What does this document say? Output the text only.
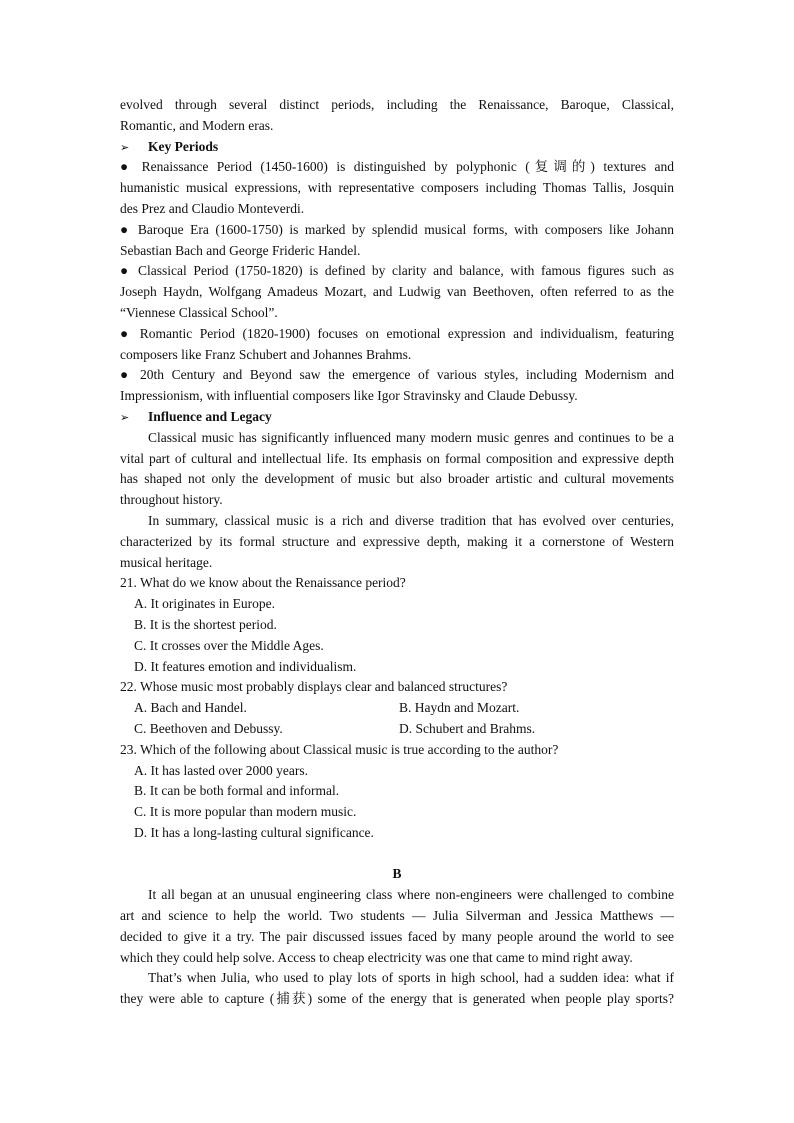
evolved through several distinct periods, including the Renaissance, Baroque, Classical,
Romantic, and Modern eras.
➢ Key Periods
● Renaissance Period (1450-1600) is distinguished by polyphonic (复调的) textures and
humanistic musical expressions, with representative composers including Thomas Tallis, Josquin
des Prez and Claudio Monteverdi.
● Baroque Era (1600-1750) is marked by splendid musical forms, with composers like Johann
Sebastian Bach and George Frideric Handel.
● Classical Period (1750-1820) is defined by clarity and balance, with famous figures such as
Joseph Haydn, Wolfgang Amadeus Mozart, and Ludwig van Beethoven, often referred to as the
“Viennese Classical School”.
● Romantic Period (1820-1900) focuses on emotional expression and individualism, featuring
composers like Franz Schubert and Johannes Brahms.
● 20th Century and Beyond saw the emergence of various styles, including Modernism and
Impressionism, with influential composers like Igor Stravinsky and Claude Debussy.
➢ Influence and Legacy
Classical music has significantly influenced many modern music genres and continues to be a
vital part of cultural and intellectual life. Its emphasis on formal composition and expressive depth
has shaped not only the development of music but also broader artistic and cultural movements
throughout history.
In summary, classical music is a rich and diverse tradition that has evolved over centuries,
characterized by its formal structure and expressive depth, making it a cornerstone of Western
musical heritage.
21. What do we know about the Renaissance period?
A. It originates in Europe.
B. It is the shortest period.
C. It crosses over the Middle Ages.
D. It features emotion and individualism.
22. Whose music most probably displays clear and balanced structures?
A. Bach and Handel.	B. Haydn and Mozart.
C. Beethoven and Debussy.	D. Schubert and Brahms.
23. Which of the following about Classical music is true according to the author?
A. It has lasted over 2000 years.
B. It can be both formal and informal.
C. It is more popular than modern music.
D. It has a long-lasting cultural significance.
B
It all began at an unusual engineering class where non-engineers were challenged to combine
art and science to help the world. Two students — Julia Silverman and Jessica Matthews —
decided to give it a try. The pair discussed issues faced by many people around the world to see
which they could help solve. Access to cheap electricity was one that came to mind right away.
That’s when Julia, who used to play lots of sports in high school, had a sudden idea: what if
they were able to capture (捕获) some of the energy that is generated when people play sports?
